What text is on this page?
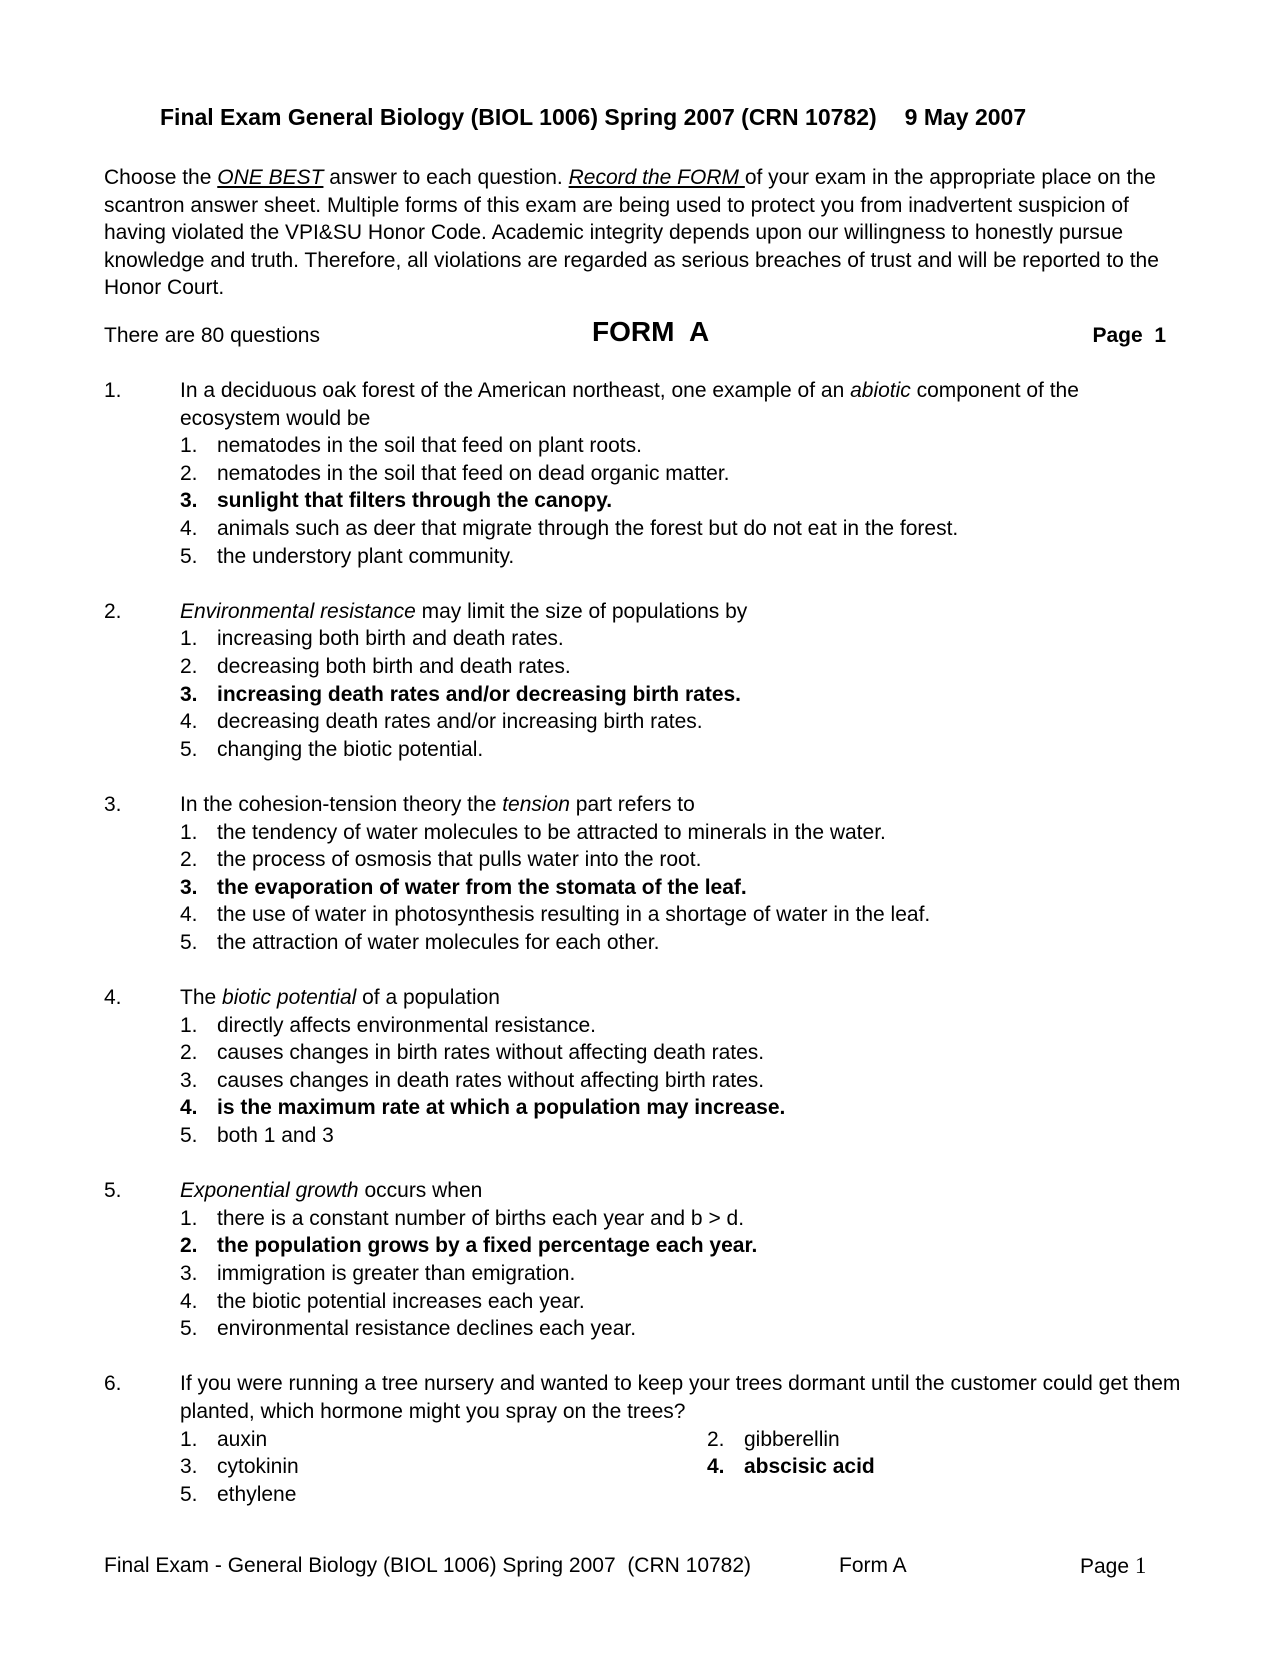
Final Exam General Biology (BIOL 1006) Spring 2007 (CRN 10782) 9 May 2007
Choose the ONE BEST answer to each question. Record the FORM of your exam in the appropriate place on the scantron answer sheet. Multiple forms of this exam are being used to protect you from inadvertent suspicion of having violated the VPI&SU Honor Code. Academic integrity depends upon our willingness to honestly pursue knowledge and truth. Therefore, all violations are regarded as serious breaches of trust and will be reported to the Honor Court.
There are 80 questions	FORM  A	Page  1
1.	In a deciduous oak forest of the American northeast, one example of an abiotic component of the ecosystem would be
1. nematodes in the soil that feed on plant roots.
2. nematodes in the soil that feed on dead organic matter.
3. sunlight that filters through the canopy.
4. animals such as deer that migrate through the forest but do not eat in the forest.
5. the understory plant community.
2.	Environmental resistance may limit the size of populations by
1. increasing both birth and death rates.
2. decreasing both birth and death rates.
3. increasing death rates and/or decreasing birth rates.
4. decreasing death rates and/or increasing birth rates.
5. changing the biotic potential.
3.	In the cohesion-tension theory the tension part refers to
1. the tendency of water molecules to be attracted to minerals in the water.
2. the process of osmosis that pulls water into the root.
3. the evaporation of water from the stomata of the leaf.
4. the use of water in photosynthesis resulting in a shortage of water in the leaf.
5. the attraction of water molecules for each other.
4.	The biotic potential of a population
1. directly affects environmental resistance.
2. causes changes in birth rates without affecting death rates.
3. causes changes in death rates without affecting birth rates.
4. is the maximum rate at which a population may increase.
5. both 1 and 3
5.	Exponential growth occurs when
1. there is a constant number of births each year and b > d.
2. the population grows by a fixed percentage each year.
3. immigration is greater than emigration.
4. the biotic potential increases each year.
5. environmental resistance declines each year.
6.	If you were running a tree nursery and wanted to keep your trees dormant until the customer could get them planted, which hormone might you spray on the trees?
1. auxin	2. gibberellin
3. cytokinin	4. abscisic acid
5. ethylene
Final Exam - General Biology (BIOL 1006) Spring 2007  (CRN 10782)	Form A	Page 1
